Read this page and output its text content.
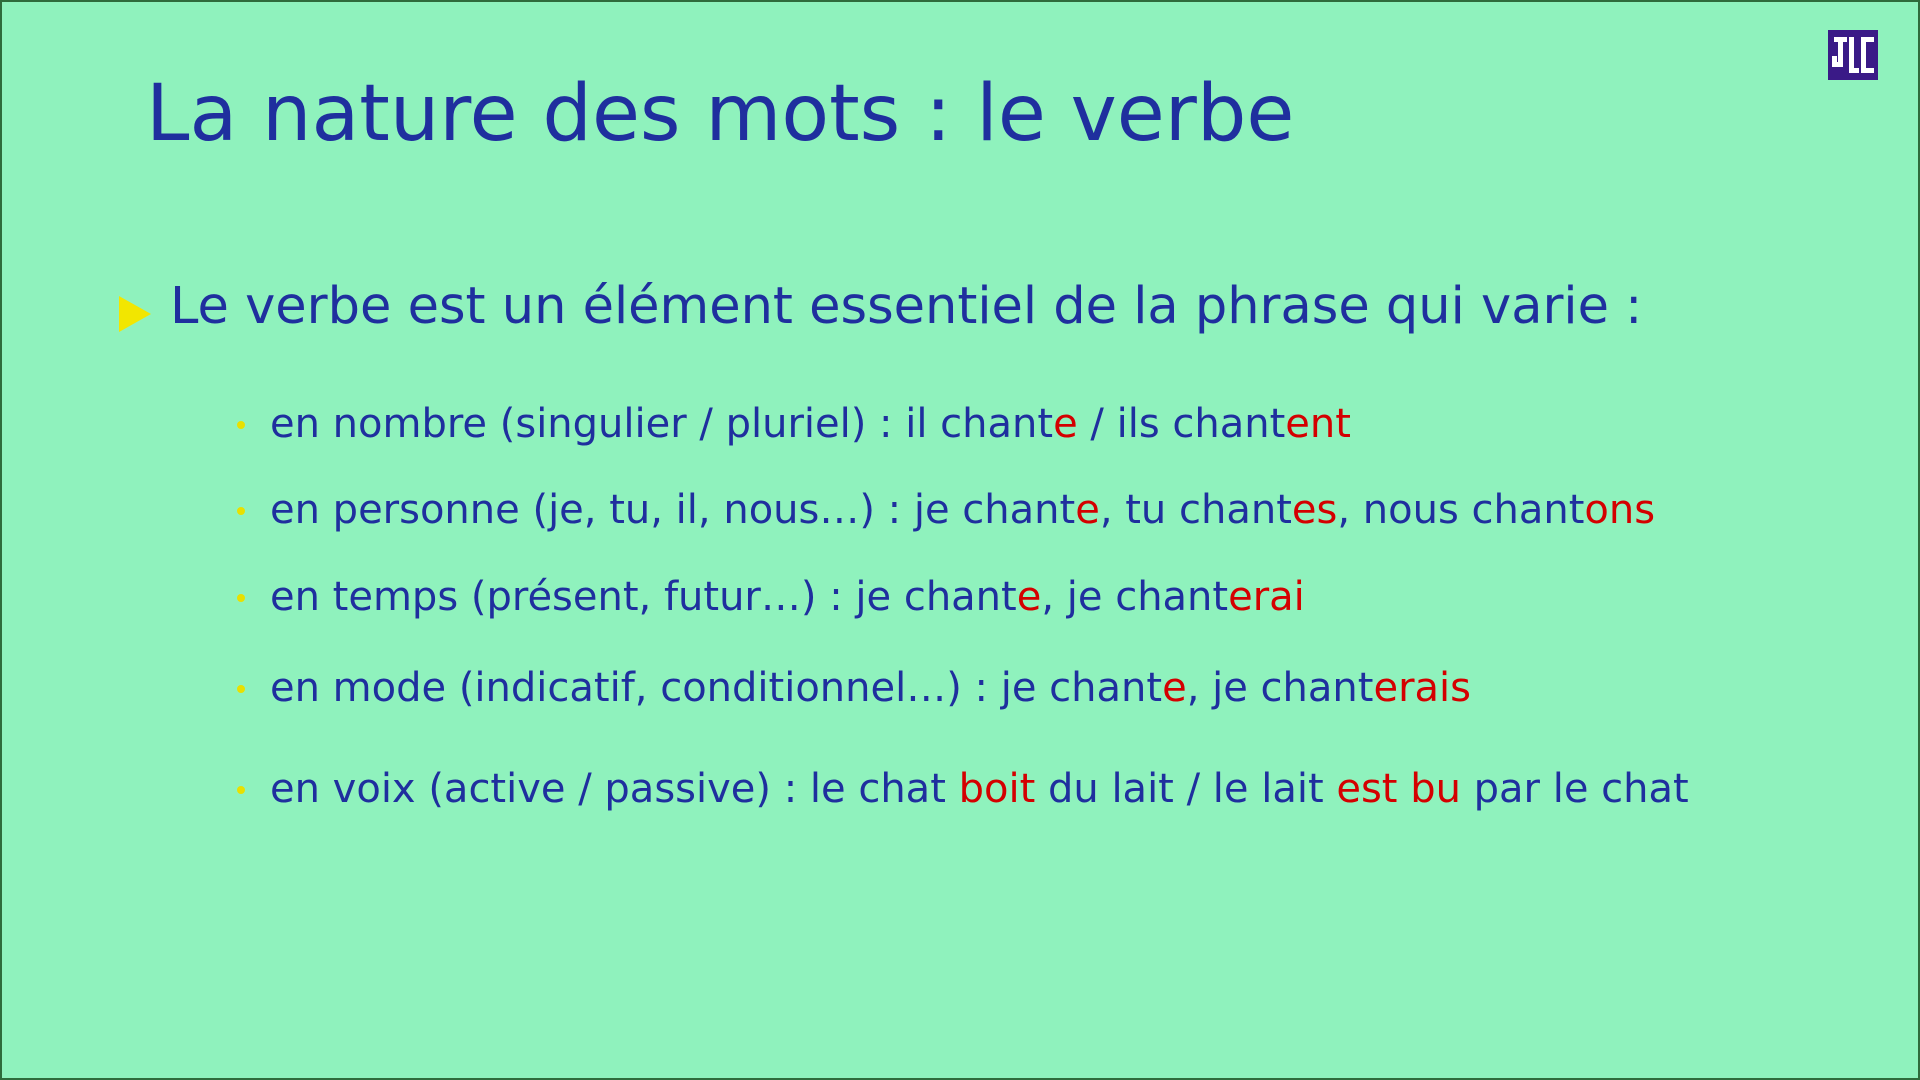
La nature des mots : le verbe
Le verbe est un élément essentiel de la phrase qui varie :
en nombre (singulier / pluriel) : il chante / ils chantent
en personne (je, tu, il, nous…) : je chante, tu chantes, nous chantons
en temps (présent, futur…) : je chante, je chanterai
en mode (indicatif, conditionnel…) : je chante, je chanterais
en voix (active / passive) : le chat boit du lait / le lait est bu par le chat
